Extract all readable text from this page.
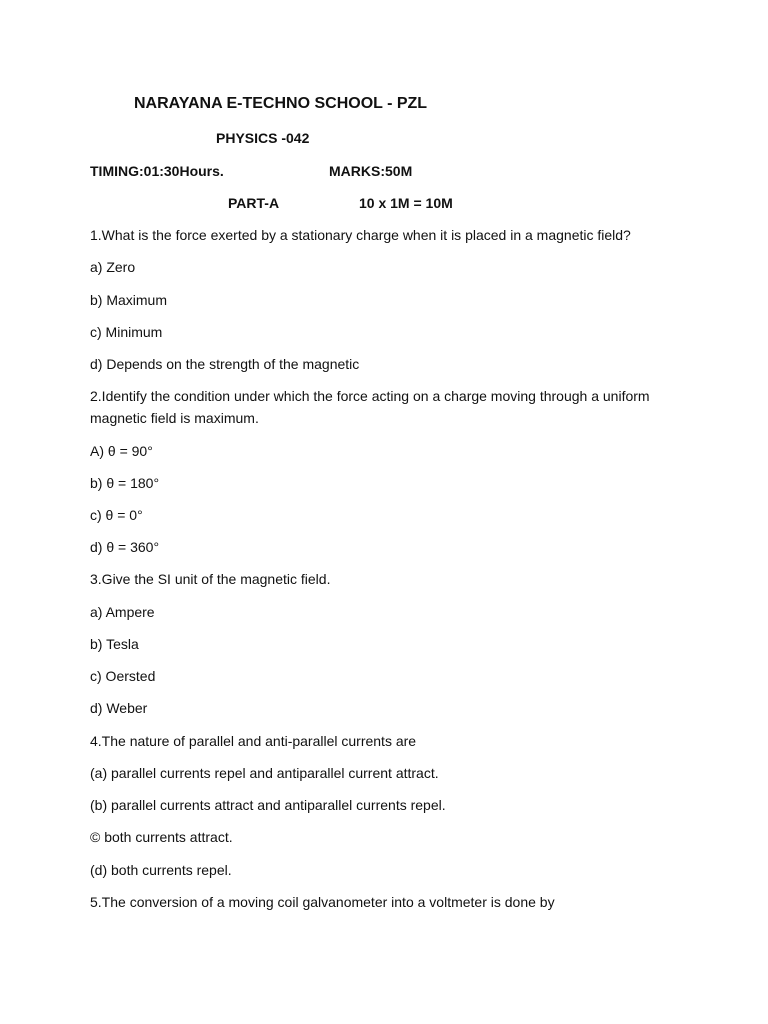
NARAYANA E-TECHNO SCHOOL - PZL
PHYSICS -042
TIMING:01:30Hours.	MARKS:50M
PART-A	10 x 1M = 10M
1.What is the force exerted by a stationary charge when it is placed in a magnetic field?
a) Zero
b) Maximum
c) Minimum
d) Depends on the strength of the magnetic
2.Identify the condition under which the force acting on a charge moving through a uniform magnetic field is maximum.
A) θ = 90°
b) θ = 180°
c) θ = 0°
d) θ = 360°
3.Give the SI unit of the magnetic field.
a) Ampere
b) Tesla
c) Oersted
d) Weber
4.The nature of parallel and anti-parallel currents are
(a) parallel currents repel and antiparallel current attract.
(b) parallel currents attract and antiparallel currents repel.
© both currents attract.
(d) both currents repel.
5.The conversion of a moving coil galvanometer into a voltmeter is done by
